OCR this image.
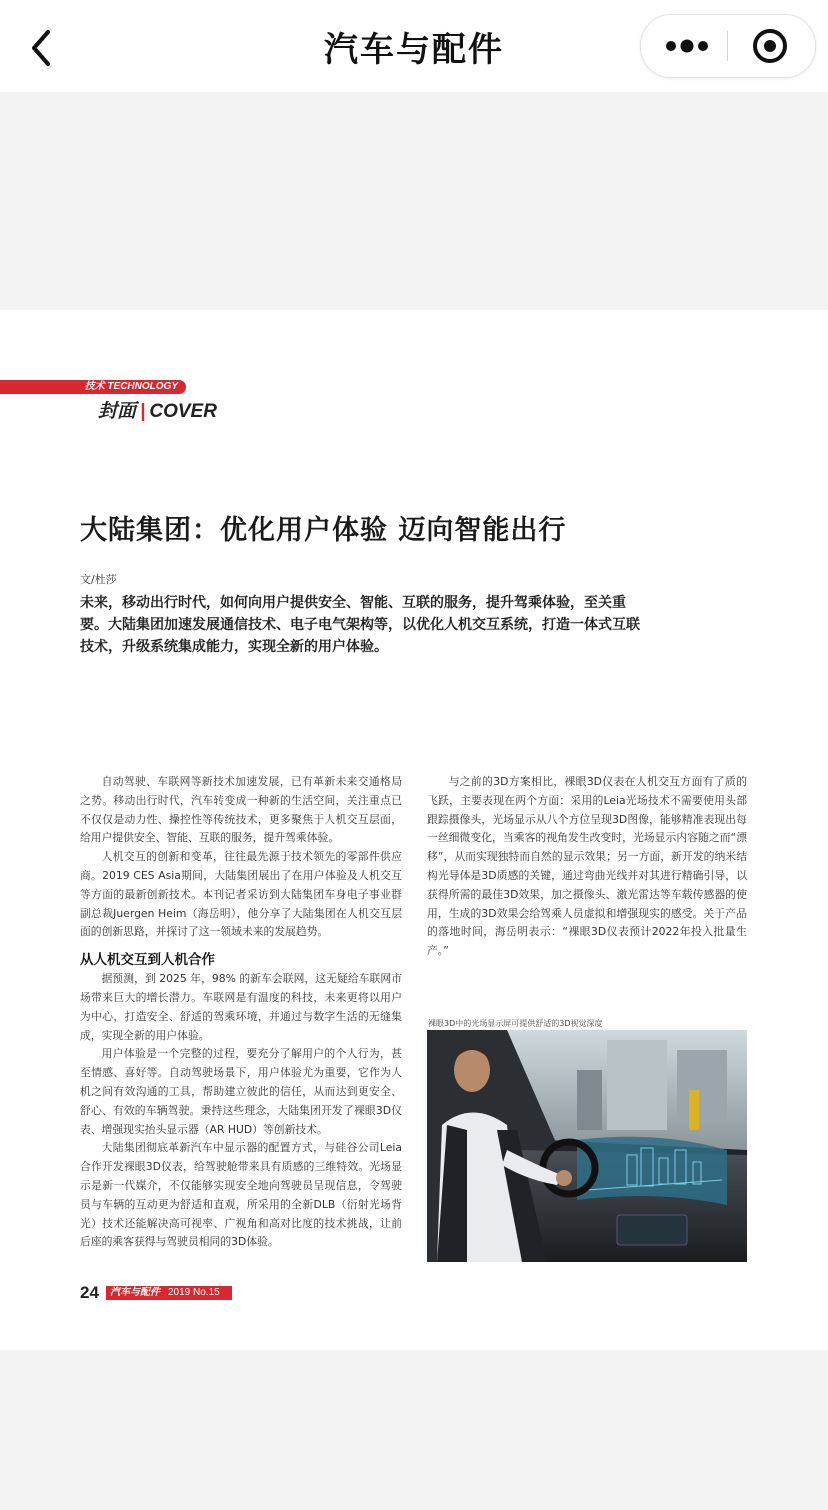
汽车与配件
技术 TECHNOLOGY
封面 | COVER
大陆集团：优化用户体验 迈向智能出行
文/杜莎
未来，移动出行时代，如何向用户提供安全、智能、互联的服务，提升驾乘体验，至关重要。大陆集团加速发展通信技术、电子电气架构等，以优化人机交互系统，打造一体式互联技术，升级系统集成能力，实现全新的用户体验。

自动驾驶、车联网等新技术加速发展，已有革新未来交通格局之势。移动出行时代，汽车转变成一种新的生活空间，关注重点已不仅仅是动力性、操控性等传统技术，更多聚焦于人机交互层面，给用户提供安全、智能、互联的服务，提升驾乘体验。

人机交互的创新和变革，往往最先源于技术领先的零部件供应商。2019 CES Asia期间，大陆集团展出了在用户体验及人机交互等方面的最新创新技术。本刊记者采访到大陆集团车身电子事业群副总裁Juergen Heim（海岳明），他分享了大陆集团在人机交互层面的创新思路，并探讨了这一领域未来的发展趋势。

从人机交互到人机合作

据预测，到 2025 年，98% 的新车会联网，这无疑给车联网市场带来巨大的增长潜力。车联网是有温度的科技，未来更将以用户为中心，打造安全、舒适的驾乘环境，并通过与数字生活的无缝集成，实现全新的用户体验。

用户体验是一个完整的过程，要充分了解用户的个人行为，甚至情感、喜好等。自动驾驶场景下，用户体验尤为重要，它作为人机之间有效沟通的工具，帮助建立彼此的信任，从而达到更安全、舒心、有效的车辆驾驶。秉持这些理念，大陆集团开发了裸眼3D仪表、增强现实抬头显示器（AR HUD）等创新技术。

大陆集团彻底革新汽车中显示器的配置方式，与硅谷公司Leia合作开发裸眼3D仪表，给驾驶舱带来具有质感的三维特效。光场显示是新一代媒介，不仅能够实现安全地向驾驶员呈现信息，令驾驶员与车辆的互动更为舒适和直观，所采用的全新DLB（衍射光场背光）技术还能解决高可视率、广视角和高对比度的技术挑战，让前后座的乘客获得与驾驶员相同的3D体验。

与之前的3D方案相比，裸眼3D仪表在人机交互方面有了质的飞跃，主要表现在两个方面：采用的Leia光场技术不需要使用头部跟踪摄像头，光场显示从八个方位呈现3D图像，能够精准表现出每一丝细微变化，当乘客的视角发生改变时，光场显示内容随之而“漂移”，从而实现独特而自然的显示效果；另一方面，新开发的纳米结构光导体是3D质感的关键，通过弯曲光线并对其进行精确引导，以获得所需的最佳3D效果，加之摄像头、激光雷达等车载传感器的使用，生成的3D效果会给驾乘人员虚拟和增强现实的感受。关于产品的落地时间，海岳明表示：“裸眼3D仪表预计2022年投入批量生产。”

裸眼3D中的光场显示屏可提供舒适的3D视觉深度
24	汽车与配件 2019 No.15
